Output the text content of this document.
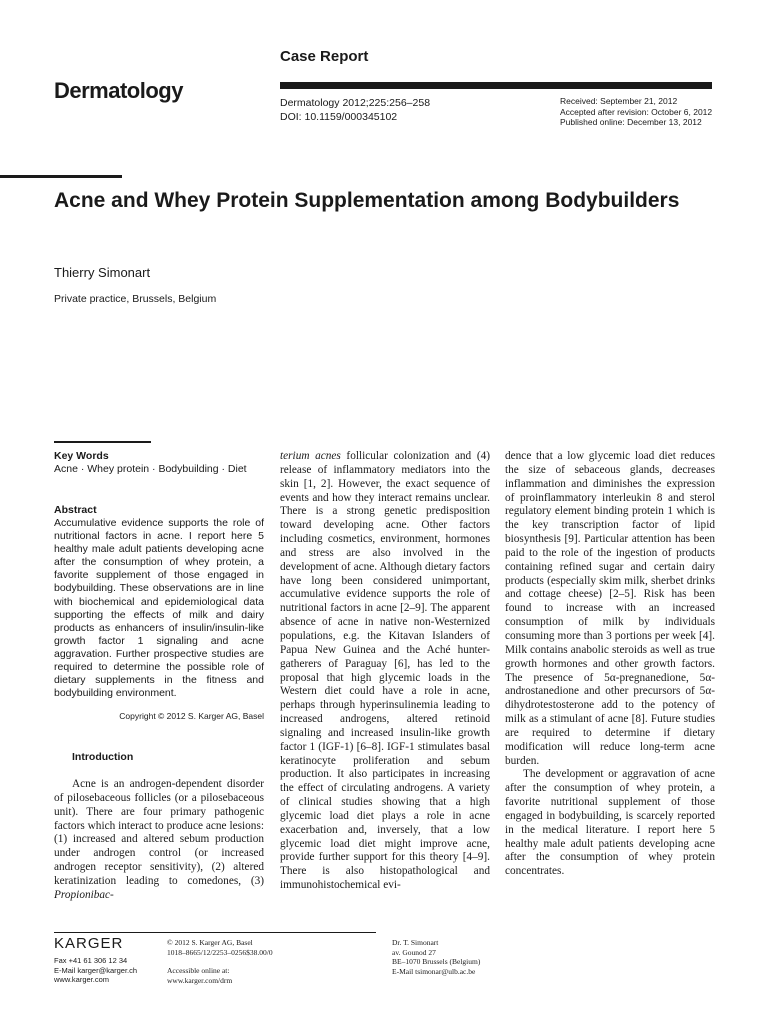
Case Report
Dermatology	Dermatology 2012;225:256–258
DOI: 10.1159/000345102
Received: September 21, 2012
Accepted after revision: October 6, 2012
Published online: December 13, 2012
Acne and Whey Protein Supplementation among Bodybuilders
Thierry Simonart
Private practice, Brussels, Belgium
Key Words
Acne · Whey protein · Bodybuilding · Diet
Abstract
Accumulative evidence supports the role of nutritional factors in acne. I report here 5 healthy male adult patients developing acne after the consumption of whey protein, a favorite supplement of those engaged in bodybuilding. These observations are in line with biochemical and epidemiological data supporting the effects of milk and dairy products as enhancers of insulin/insulin-like growth factor 1 signaling and acne aggravation. Further prospective studies are required to determine the possible role of dietary supplements in the fitness and bodybuilding environment.
Copyright © 2012 S. Karger AG, Basel
Introduction

Acne is an androgen-dependent disorder of pilosebaceous follicles (or a pilosebaceous unit). There are four primary pathogenic factors which interact to produce acne lesions: (1) increased and altered sebum production under androgen control (or increased androgen receptor sensitivity), (2) altered keratinization leading to comedones, (3) Propionibac-

terium acnes follicular colonization and (4) release of inflammatory mediators into the skin [1, 2]. However, the exact sequence of events and how they interact remains unclear. There is a strong genetic predisposition toward developing acne. Other factors including cosmetics, environment, hormones and stress are also involved in the development of acne. Although dietary factors have long been considered unimportant, accumulative evidence supports the role of nutritional factors in acne [2–9]. The apparent absence of acne in native non-Westernized populations, e.g. the Kitavan Islanders of Papua New Guinea and the Aché hunter-gatherers of Paraguay [6], has led to the proposal that high glycemic loads in the Western diet could have a role in acne, perhaps through hyperinsulinemia leading to increased androgens, altered retinoid signaling and increased insulin-like growth factor 1 (IGF-1) [6–8]. IGF-1 stimulates basal keratinocyte proliferation and sebum production. It also participates in increasing the effect of circulating androgens. A variety of clinical studies showing that a high glycemic load diet plays a role in acne exacerbation and, inversely, that a low glycemic load diet might improve acne, provide further support for this theory [4–9]. There is also histopathological and immunohistochemical evi-

dence that a low glycemic load diet reduces the size of sebaceous glands, decreases inflammation and diminishes the expression of proinflammatory interleukin 8 and sterol regulatory element binding protein 1 which is the key transcription factor of lipid biosynthesis [9]. Particular attention has been paid to the role of the ingestion of products containing refined sugar and certain dairy products (especially skim milk, sherbet drinks and cottage cheese) [2–5]. Risk has been found to increase with an increased consumption of milk by individuals consuming more than 3 portions per week [4]. Milk contains anabolic steroids as well as true growth hormones and other growth factors. The presence of 5α-pregnanedione, 5α-androstanedione and other precursors of 5α-dihydrotestosterone add to the potency of milk as a stimulant of acne [8]. Future studies are required to determine if dietary modification will reduce long-term acne burden.

The development or aggravation of acne after the consumption of whey protein, a favorite nutritional supplement of those engaged in bodybuilding, is scarcely reported in the medical literature. I report here 5 healthy male adult patients developing acne after the consumption of whey protein concentrates.

KARGER
Fax +41 61 306 12 34
E-Mail karger@karger.ch
www.karger.com
© 2012 S. Karger AG, Basel
1018–8665/12/2253–0256$38.00/0
Accessible online at:
www.karger.com/drm
Dr. T. Simonart
av. Gounod 27
BE–1070 Brussels (Belgium)
E-Mail tsimonar@ulb.ac.be
